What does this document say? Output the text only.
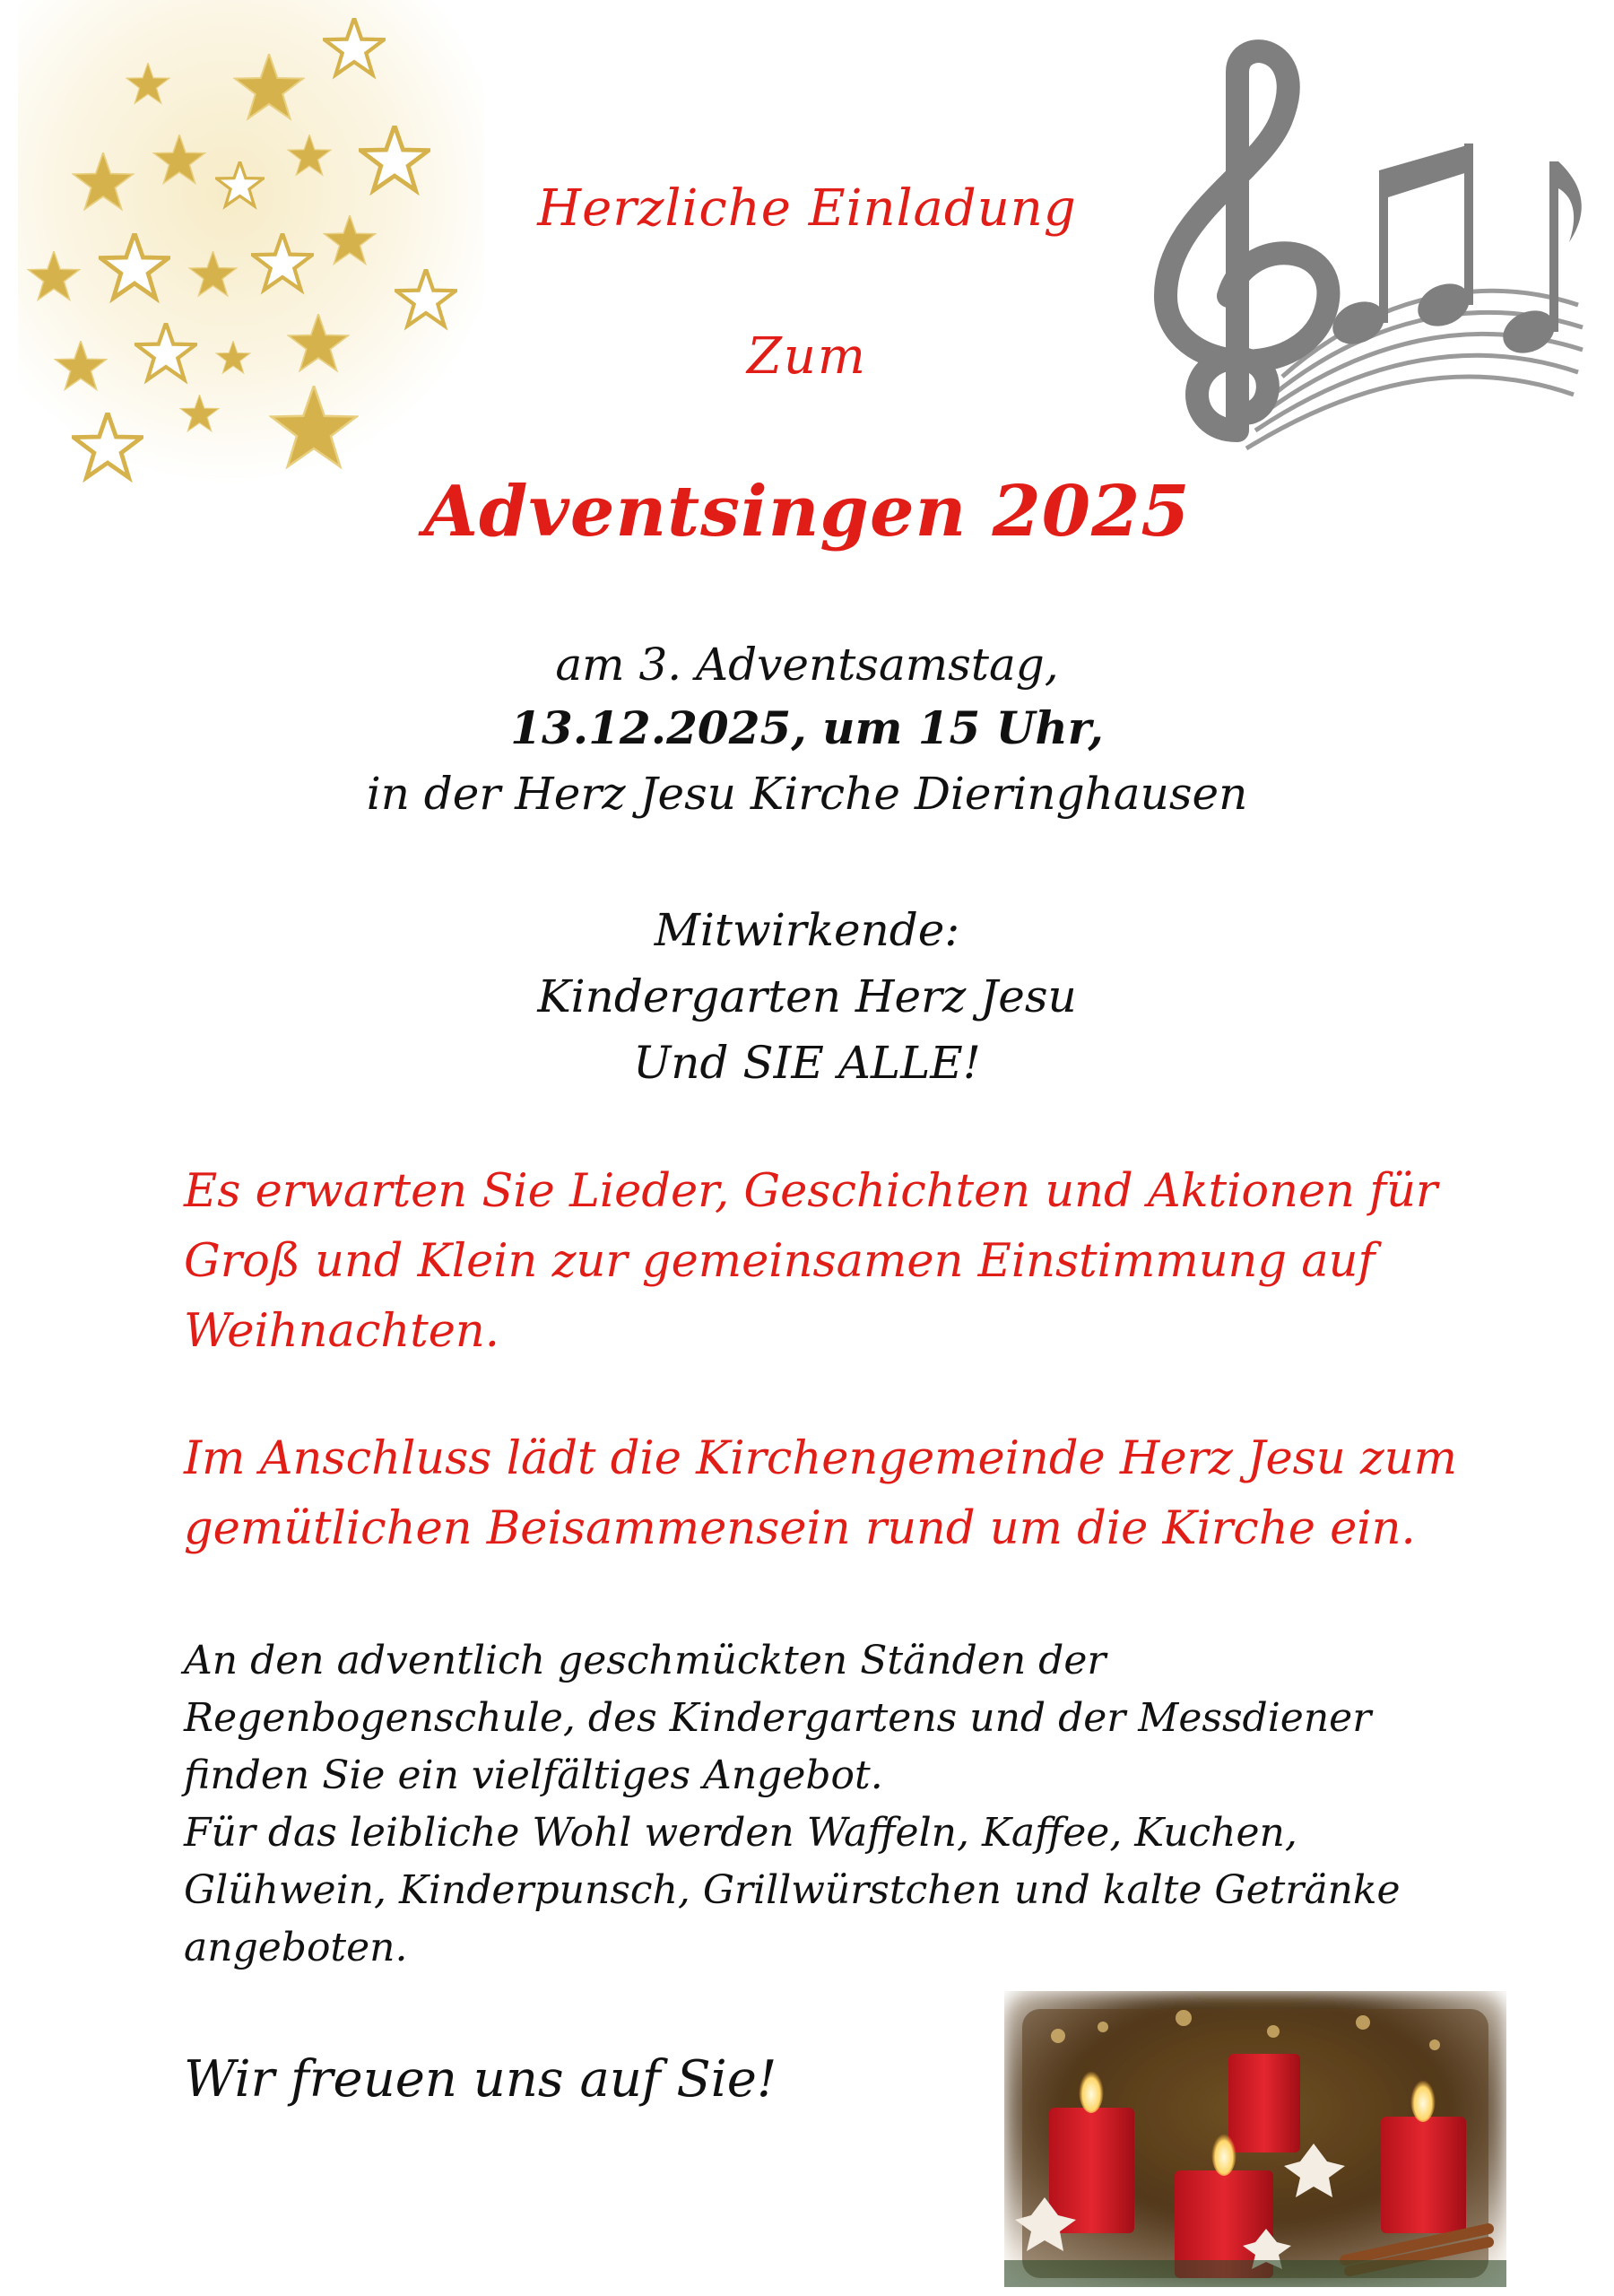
Herzliche Einladung
Zum
Adventsingen 2025
am 3. Adventsamstag,
13.12.2025, um 15 Uhr,
in der Herz Jesu Kirche Dieringhausen
Mitwirkende:
Kindergarten Herz Jesu
Und SIE ALLE!
Es erwarten Sie Lieder, Geschichten und Aktionen für
Groß und Klein zur gemeinsamen Einstimmung auf
Weihnachten.
Im Anschluss lädt die Kirchengemeinde Herz Jesu zum
gemütlichen Beisammensein rund um die Kirche ein.
An den adventlich geschmückten Ständen der
Regenbogenschule, des Kindergartens und der Messdiener
finden Sie ein vielfältiges Angebot.
Für das leibliche Wohl werden Waffeln, Kaffee, Kuchen,
Glühwein, Kinderpunsch, Grillwürstchen und kalte Getränke
angeboten.
Wir freuen uns auf Sie!
